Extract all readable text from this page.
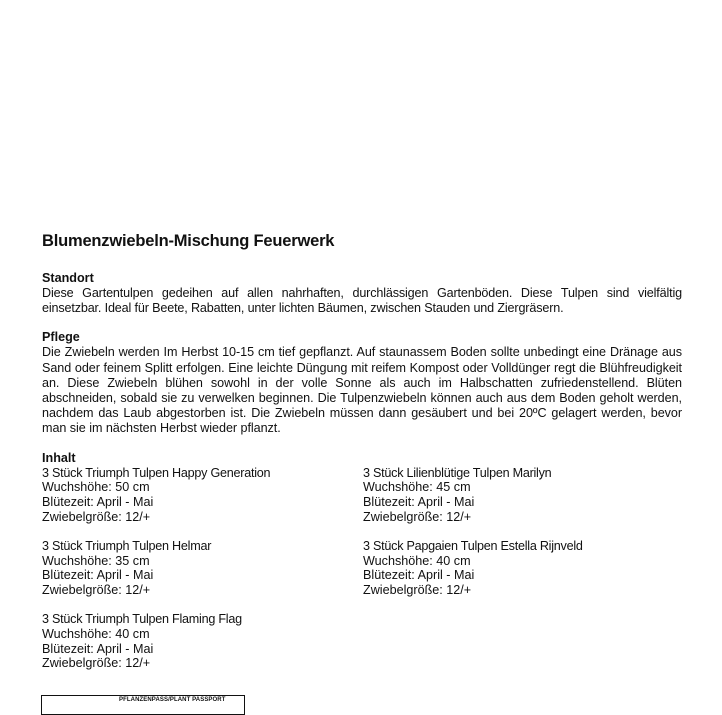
Blumenzwiebeln-Mischung Feuerwerk
Standort

Diese Gartentulpen gedeihen auf allen nahrhaften, durchlässigen Gartenböden. Diese Tulpen sind vielfältig einsetzbar. Ideal für Beete, Rabatten, unter lichten Bäumen, zwischen Stauden und Ziergräsern.

Pflege

Die Zwiebeln werden Im Herbst 10-15 cm tief gepflanzt. Auf staunassem Boden sollte unbedingt eine Dränage aus Sand oder feinem Splitt erfolgen. Eine leichte Düngung mit reifem Kompost oder Volldünger regt die Blühfreudigkeit an. Diese Zwiebeln blühen sowohl in der volle Sonne als auch im Halbschatten zufriedenstellend. Blüten abschneiden, sobald sie zu verwelken beginnen. Die Tulpenzwiebeln können auch aus dem Boden geholt werden, nachdem das Laub abgestorben ist. Die Zwiebeln müssen dann gesäubert und bei 20ºC gelagert werden, bevor man sie im nächsten Herbst wieder pflanzt.

Inhalt
3 Stück Triumph Tulpen Happy Generation
Wuchshöhe: 50 cm
Blütezeit: April - Mai
Zwiebelgröße: 12/+
3 Stück Lilienblütige Tulpen Marilyn
Wuchshöhe: 45 cm
Blütezeit: April - Mai
Zwiebelgröße: 12/+
3 Stück Triumph Tulpen Helmar
Wuchshöhe: 35 cm
Blütezeit: April - Mai
Zwiebelgröße: 12/+
3 Stück Papgaien Tulpen Estella Rijnveld
Wuchshöhe: 40 cm
Blütezeit: April - Mai
Zwiebelgröße: 12/+
3 Stück Triumph Tulpen Flaming Flag
Wuchshöhe: 40 cm
Blütezeit: April - Mai
Zwiebelgröße: 12/+
PFLANZENPASS/PLANT PASSPORT
